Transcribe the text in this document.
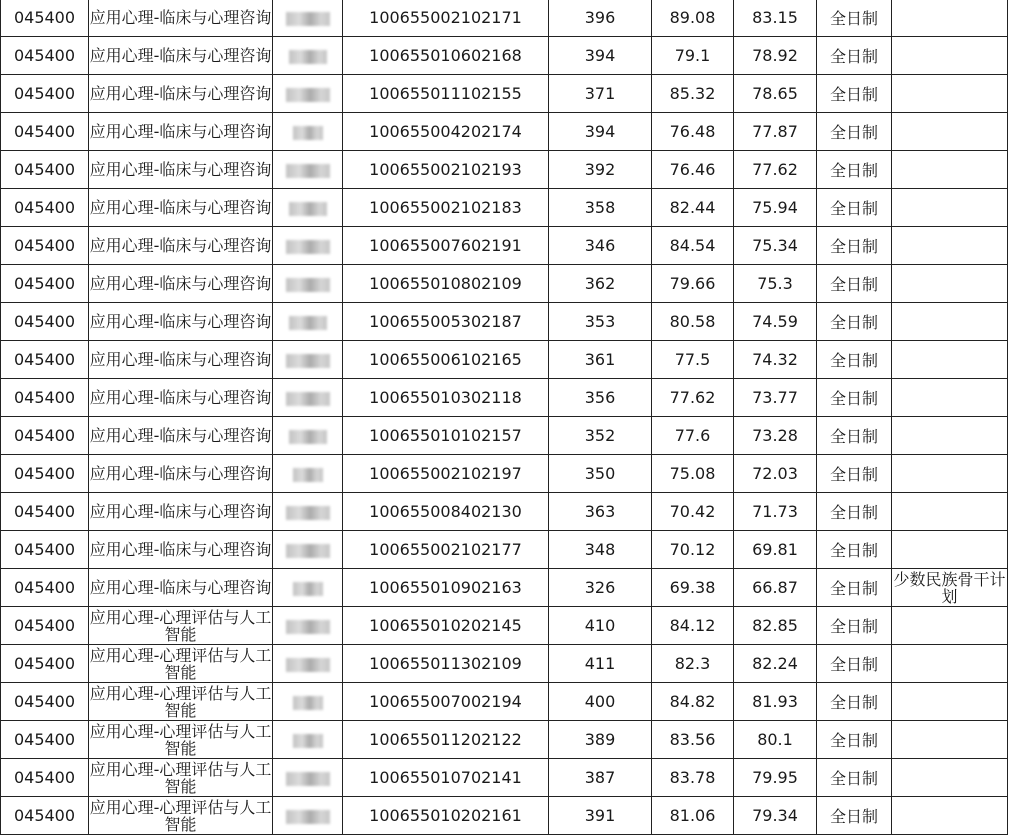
045400	应用心理-临床与心理咨询		100655002102171	396	89.08	83.15	全日制	
045400	应用心理-临床与心理咨询		100655010602168	394	79.1	78.92	全日制	
045400	应用心理-临床与心理咨询		100655011102155	371	85.32	78.65	全日制	
045400	应用心理-临床与心理咨询		100655004202174	394	76.48	77.87	全日制	
045400	应用心理-临床与心理咨询		100655002102193	392	76.46	77.62	全日制	
045400	应用心理-临床与心理咨询		100655002102183	358	82.44	75.94	全日制	
045400	应用心理-临床与心理咨询		100655007602191	346	84.54	75.34	全日制	
045400	应用心理-临床与心理咨询		100655010802109	362	79.66	75.3	全日制	
045400	应用心理-临床与心理咨询		100655005302187	353	80.58	74.59	全日制	
045400	应用心理-临床与心理咨询		100655006102165	361	77.5	74.32	全日制	
045400	应用心理-临床与心理咨询		100655010302118	356	77.62	73.77	全日制	
045400	应用心理-临床与心理咨询		100655010102157	352	77.6	73.28	全日制	
045400	应用心理-临床与心理咨询		100655002102197	350	75.08	72.03	全日制	
045400	应用心理-临床与心理咨询		100655008402130	363	70.42	71.73	全日制	
045400	应用心理-临床与心理咨询		100655002102177	348	70.12	69.81	全日制	
045400	应用心理-临床与心理咨询		100655010902163	326	69.38	66.87	全日制	少数民族骨干计划
045400	应用心理-心理评估与人工智能		100655010202145	410	84.12	82.85	全日制	
045400	应用心理-心理评估与人工智能		100655011302109	411	82.3	82.24	全日制	
045400	应用心理-心理评估与人工智能		100655007002194	400	84.82	81.93	全日制	
045400	应用心理-心理评估与人工智能		100655011202122	389	83.56	80.1	全日制	
045400	应用心理-心理评估与人工智能		100655010702141	387	83.78	79.95	全日制	
045400	应用心理-心理评估与人工智能		100655010202161	391	81.06	79.34	全日制	
